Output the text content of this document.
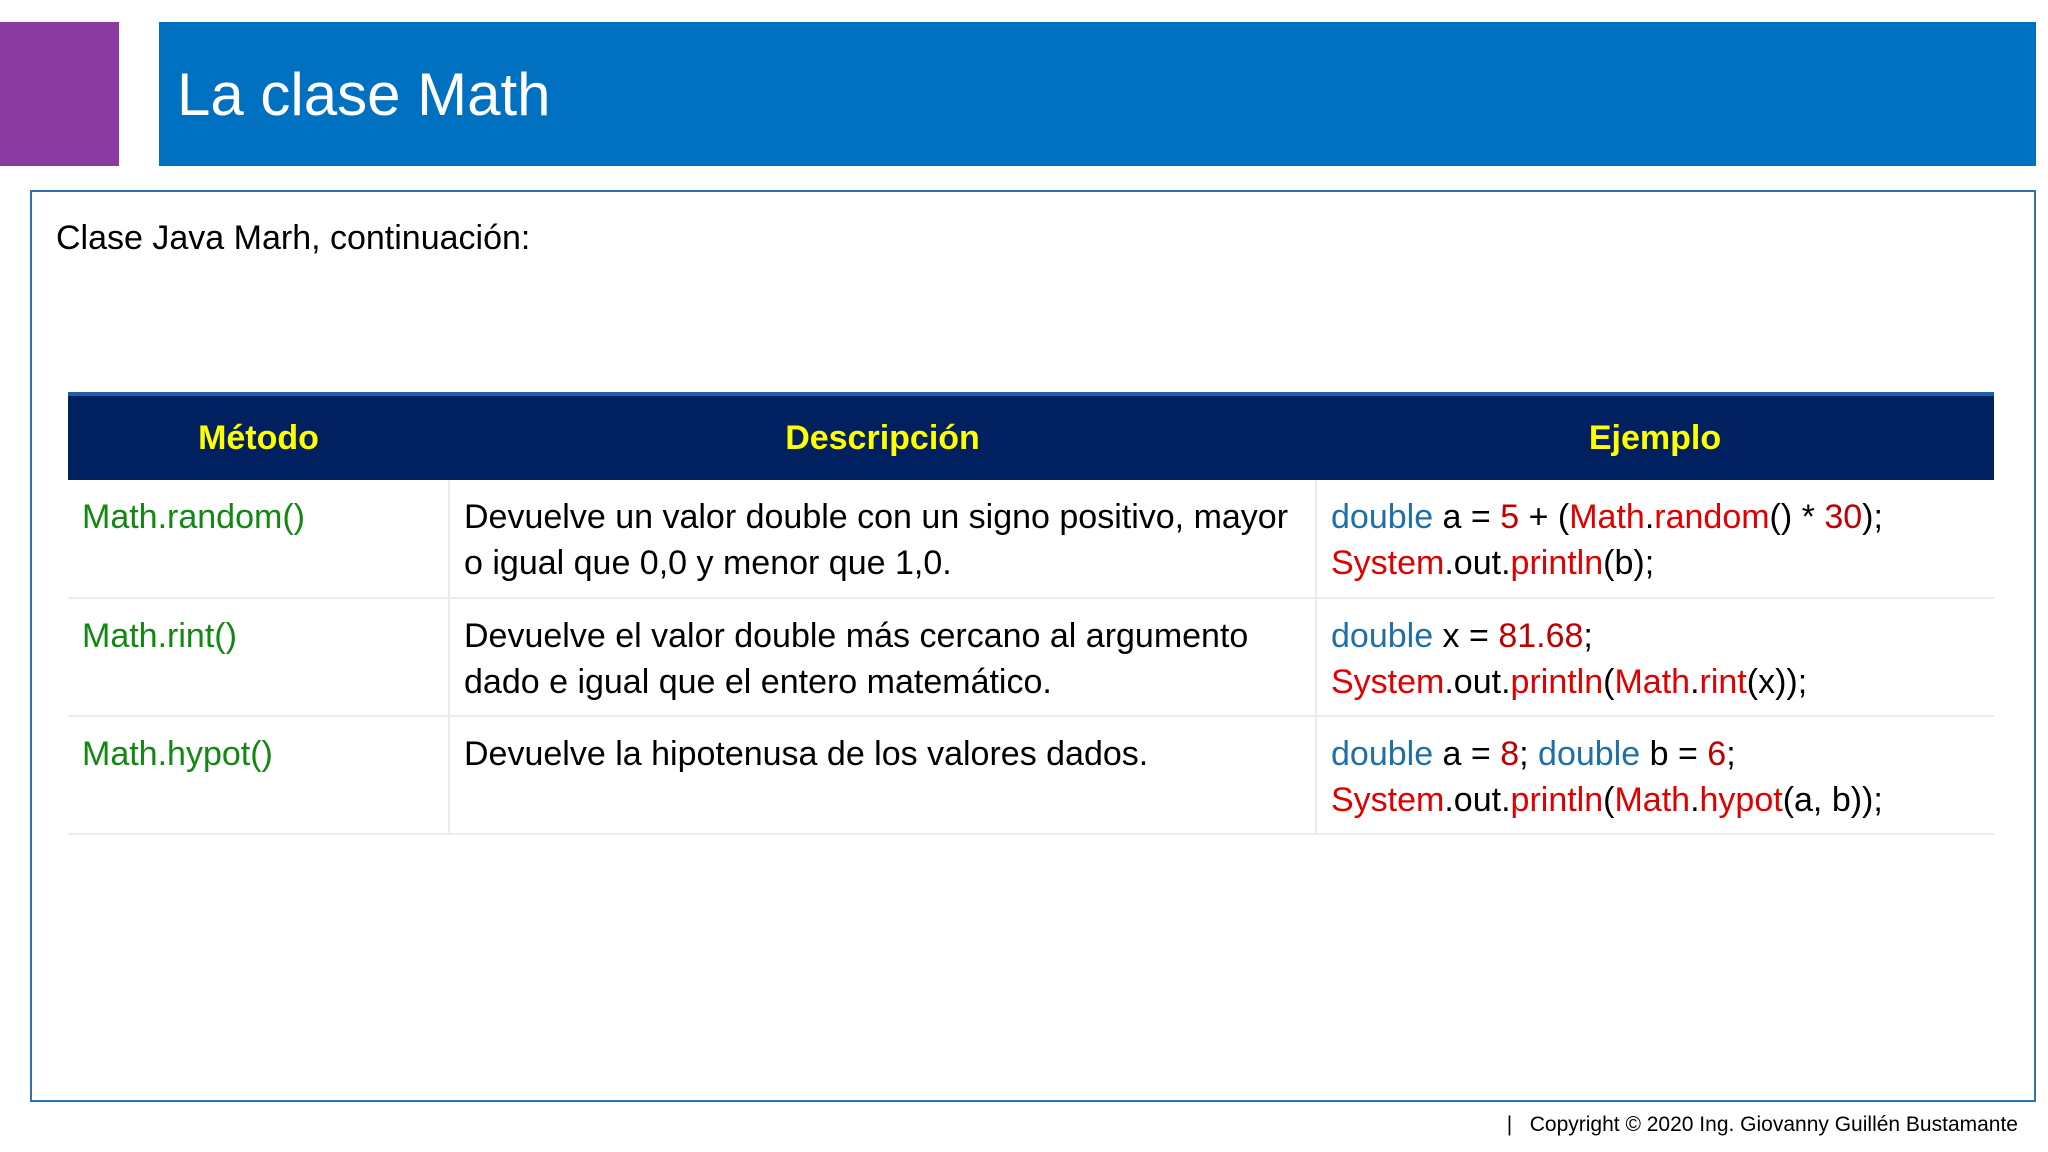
La clase Math
Clase Java Marh, continuación:
Método	Descripción	Ejemplo
Math.random()	Devuelve un valor double con un signo positivo, mayor o igual que 0,0 y menor que 1,0.	double a = 5 + (Math.random() * 30);
System.out.println(b);

Math.rint()	Devuelve el valor double más cercano al argumento dado e igual que el entero matemático.	double x = 81.68;
System.out.println(Math.rint(x));

Math.hypot()	Devuelve la hipotenusa de los valores dados.	double a = 8; double b = 6;
System.out.println(Math.hypot(a, b));
|   Copyright © 2020 Ing. Giovanny Guillén Bustamante
